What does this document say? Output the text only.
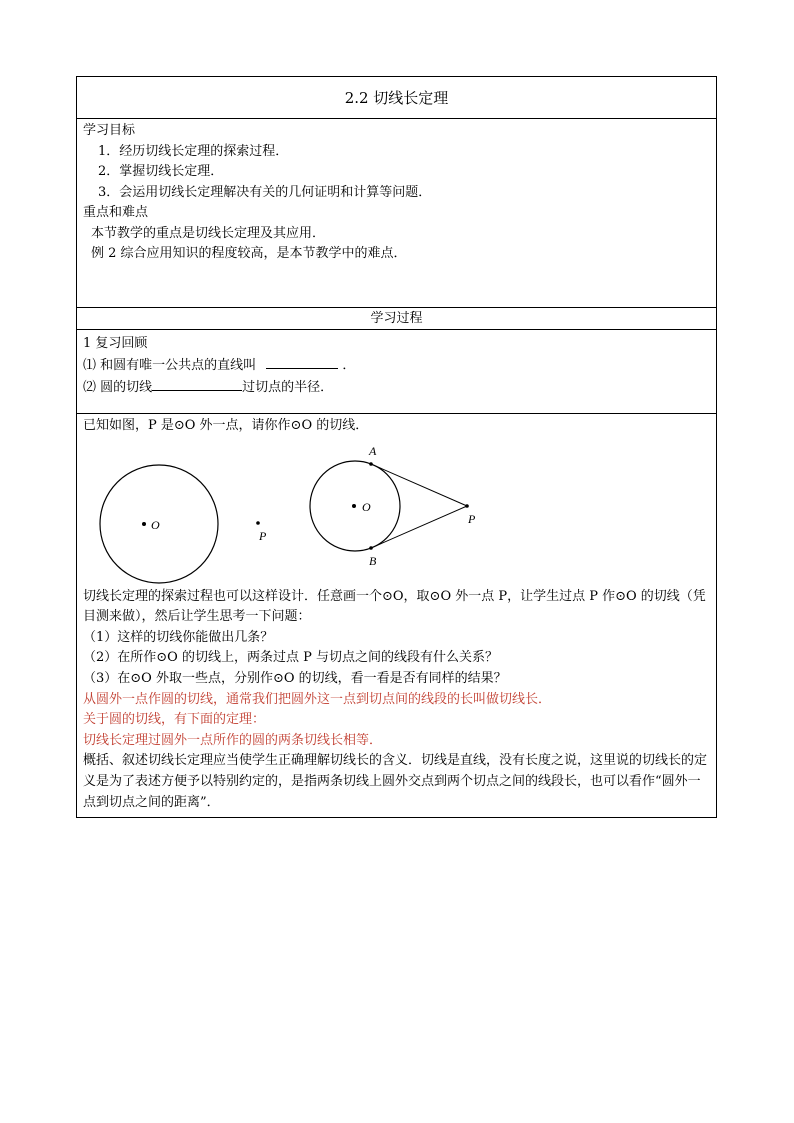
2.2 切线长定理
学习目标
1．经历切线长定理的探索过程．
2．掌握切线长定理．
3．会运用切线长定理解决有关的几何证明和计算等问题．
重点和难点
本节教学的重点是切线长定理及其应用．
例 2 综合应用知识的程度较高，是本节教学中的难点．
学习过程
1 复习回顾
⑴ 和圆有唯一公共点的直线叫	．
⑵ 圆的切线	过切点的半径．
已知如图，P 是⊙O 外一点，请你作⊙O 的切线．
O
P
O
A
B
P
切线长定理的探索过程也可以这样设计．任意画一个⊙O，取⊙O 外一点 P，让学生过点 P 作⊙O 的切线（凭目测来做），然后让学生思考一下问题：
（1）这样的切线你能做出几条？
（2）在所作⊙O 的切线上，两条过点 P 与切点之间的线段有什么关系？
（3）在⊙O 外取一些点，分别作⊙O 的切线，看一看是否有同样的结果？
从圆外一点作圆的切线，通常我们把圆外这一点到切点间的线段的长叫做切线长．
关于圆的切线，有下面的定理：
切线长定理过圆外一点所作的圆的两条切线长相等．
概括、叙述切线长定理应当使学生正确理解切线长的含义．切线是直线，没有长度之说，这里说的切线长的定义是为了表述方便予以特别约定的，是指两条切线上圆外交点到两个切点之间的线段长，也可以看作“圆外一点到切点之间的距离”．
